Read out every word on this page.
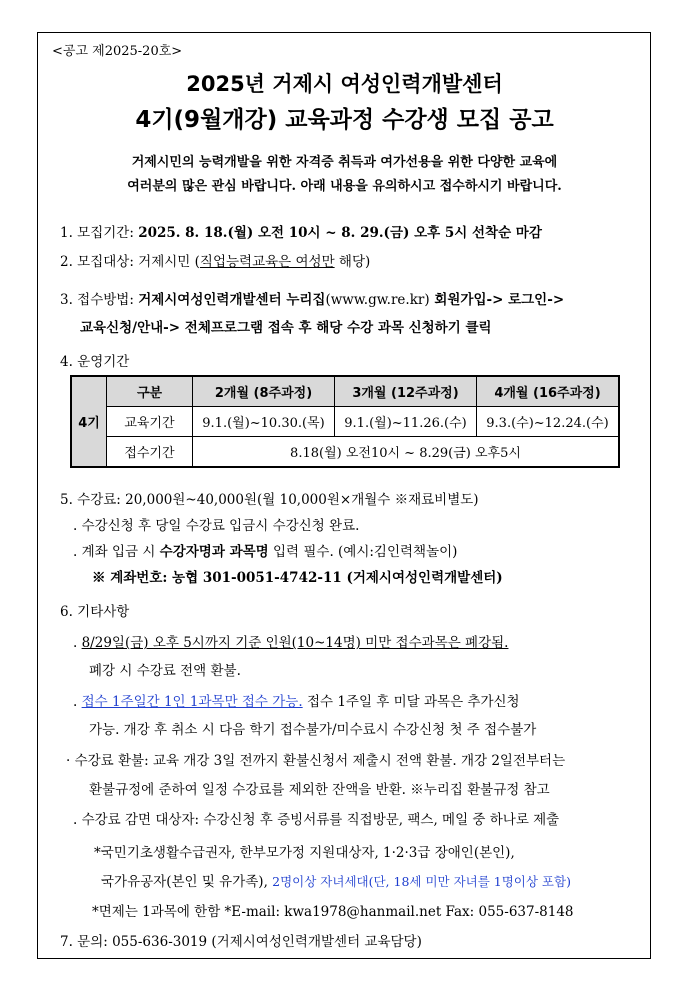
<공고 제2025-20호>
2025년 거제시 여성인력개발센터
4기(9월개강) 교육과정 수강생 모집 공고
거제시민의 능력개발을 위한 자격증 취득과 여가선용을 위한 다양한 교육에
여러분의 많은 관심 바랍니다. 아래 내용을 유의하시고 접수하시기 바랍니다.
1. 모집기간: 2025. 8. 18.(월) 오전 10시 ~ 8. 29.(금) 오후 5시 선착순 마감
2. 모집대상: 거제시민 (직업능력교육은 여성만 해당)
3. 접수방법: 거제시여성인력개발센터 누리집(www.gw.re.kr) 회원가입-> 로그인->
교육신청/안내-> 전체프로그램 접속 후 해당 수강 과목 신청하기 클릭
4. 운영기간
4기	구분	2개월 (8주과정)	3개월 (12주과정)	4개월 (16주과정)
	교육기간	9.1.(월)~10.30.(목)	9.1.(월)~11.26.(수)	9.3.(수)~12.24.(수)
	접수기간	8.18(월) 오전10시 ~ 8.29(금) 오후5시		
5. 수강료: 20,000원~40,000원(월 10,000원×개월수 ※재료비별도)
. 수강신청 후 당일 수강료 입금시 수강신청 완료.
. 계좌 입금 시 수강자명과 과목명 입력 필수. (예시:김인력책놀이)
※ 계좌번호: 농협 301-0051-4742-11 (거제시여성인력개발센터)
6. 기타사항
. 8/29일(금) 오후 5시까지 기준 인원(10~14명) 미만 접수과목은 폐강됨.
폐강 시 수강료 전액 환불.
. 접수 1주일간 1인 1과목만 접수 가능. 접수 1주일 후 미달 과목은 추가신청
가능. 개강 후 취소 시 다음 학기 접수불가/미수료시 수강신청 첫 주 접수불가
· 수강료 환불: 교육 개강 3일 전까지 환불신청서 제출시 전액 환불. 개강 2일전부터는
환불규정에 준하여 일정 수강료를 제외한 잔액을 반환. ※누리집 환불규정 참고
. 수강료 감면 대상자: 수강신청 후 증빙서류를 직접방문, 팩스, 메일 중 하나로 제출
*국민기초생활수급권자, 한부모가정 지원대상자, 1·2·3급 장애인(본인),
국가유공자(본인 및 유가족), 2명이상 자녀세대(단, 18세 미만 자녀를 1명이상 포함)
*면제는 1과목에 한함 *E-mail: kwa1978@hanmail.net Fax: 055-637-8148
7. 문의: 055-636-3019 (거제시여성인력개발센터 교육담당)
